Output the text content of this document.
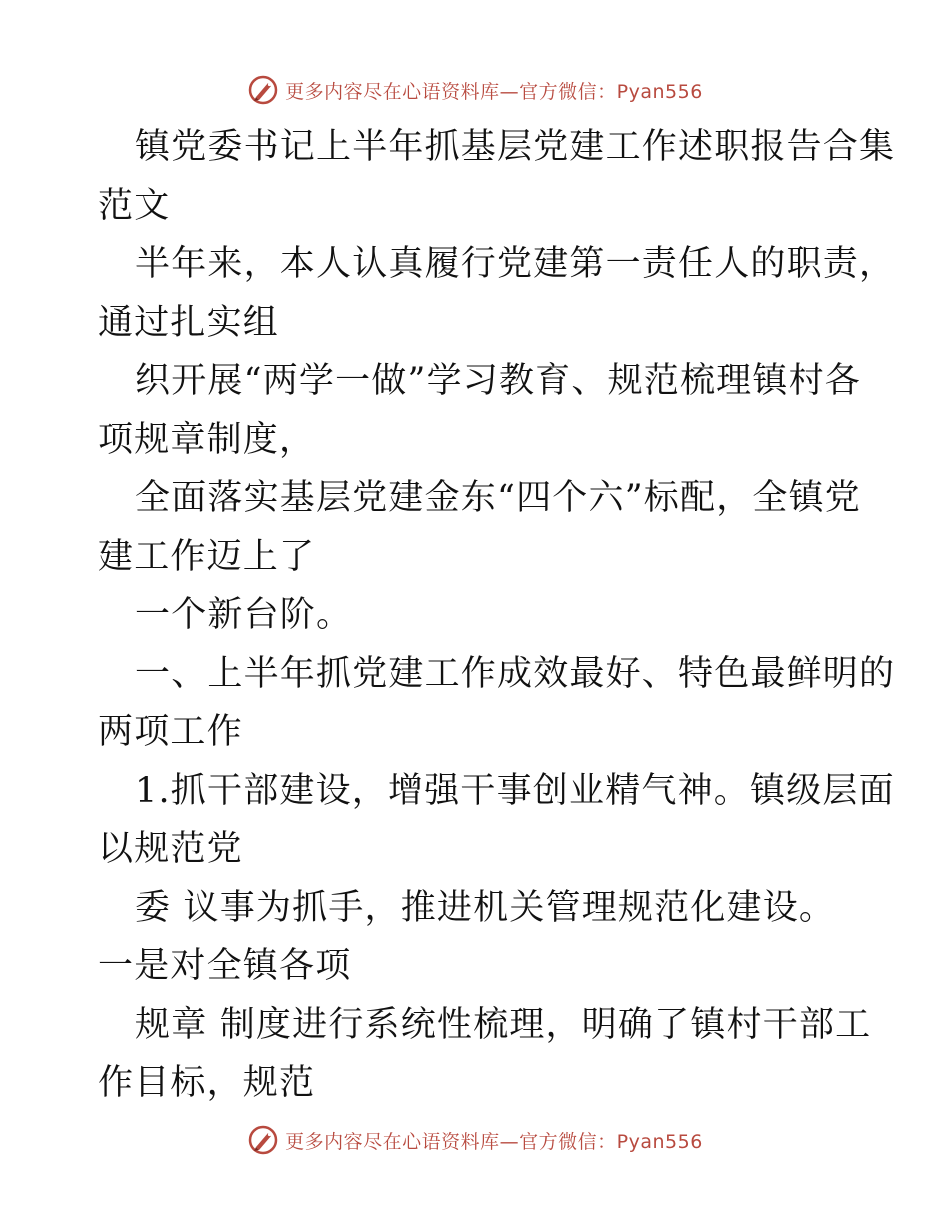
更多内容尽在心语资料库—官方微信：Pyan556
镇党委书记上半年抓基层党建工作述职报告合集
范文
半年来，本人认真履行党建第一责任人的职责，
通过扎实组
织开展“两学一做”学习教育、规范梳理镇村各
项规章制度，
全面落实基层党建金东“四个六”标配，全镇党
建工作迈上了
一个新台阶。
一、上半年抓党建工作成效最好、特色最鲜明的
两项工作
1.抓干部建设，增强干事创业精气神。镇级层面
以规范党
委 议事为抓手，推进机关管理规范化建设。
一是对全镇各项
规章 制度进行系统性梳理，明确了镇村干部工
作目标，规范
更多内容尽在心语资料库—官方微信：Pyan556
